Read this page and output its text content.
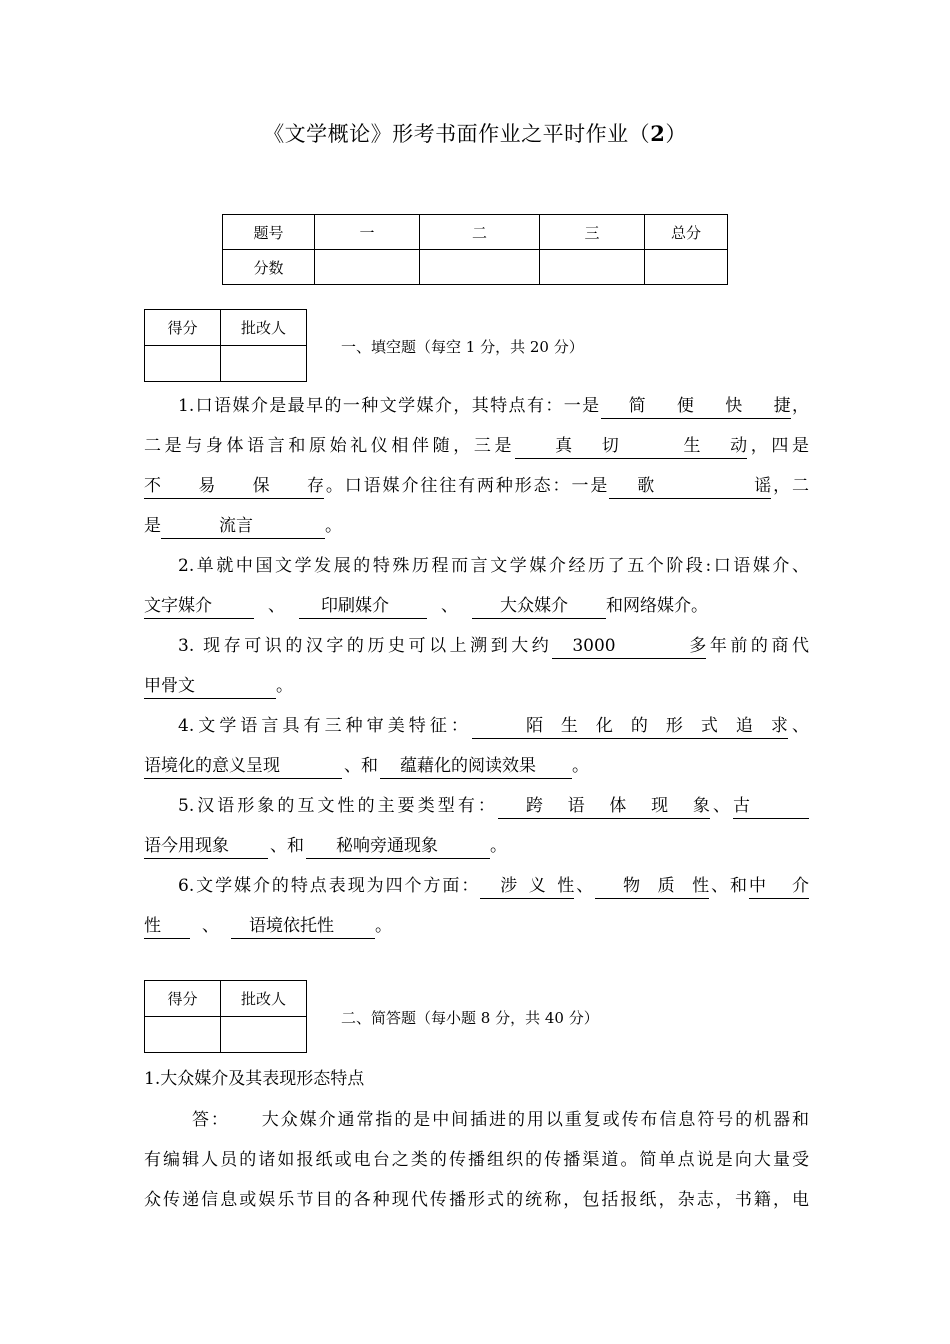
《文学概论》形考书面作业之平时作业（2）
题号	一	二	三	总分
分数				
得分	批改人

一、填空题（每空 1 分，共 20 分）
1.口语媒介是最早的一种文学媒介，其特点有：一是 简便快捷，
二是与身体语言和原始礼仪相伴随，三是 真切 生动，四是
不易保存。口语媒介往往有两种形态：一是 歌谣，二
是	流言	。
2.单就中国文学发展的特殊历程而言文学媒介经历了五个阶段:口语媒介、
文字媒介	、 印刷媒介	、 大众媒介 和网络媒介。
3. 现存可识的汉字的历史可以上溯到大约 3000 多年前的商代
甲骨文	。
4.文学语言具有三种审美特征：	陌生化的形式追求、
语境化的意义呈现	、和 蕴藉化的阅读效果 。
5.汉语形象的互文性的主要类型有： 跨语体现象、古
语今用现象 、和 秘响旁通现象	。
6.文学媒介的特点表现为四个方面： 涉义性、 物质性、和中介
性 、 语境依托性 。
得分	批改人

二、简答题（每小题 8 分，共 40 分）
1.大众媒介及其表现形态特点
答： 大众媒介通常指的是中间插进的用以重复或传布信息符号的机器和
有编辑人员的诸如报纸或电台之类的传播组织的传播渠道。简单点说是向大量受
众传递信息或娱乐节目的各种现代传播形式的统称，包括报纸，杂志，书籍，电
